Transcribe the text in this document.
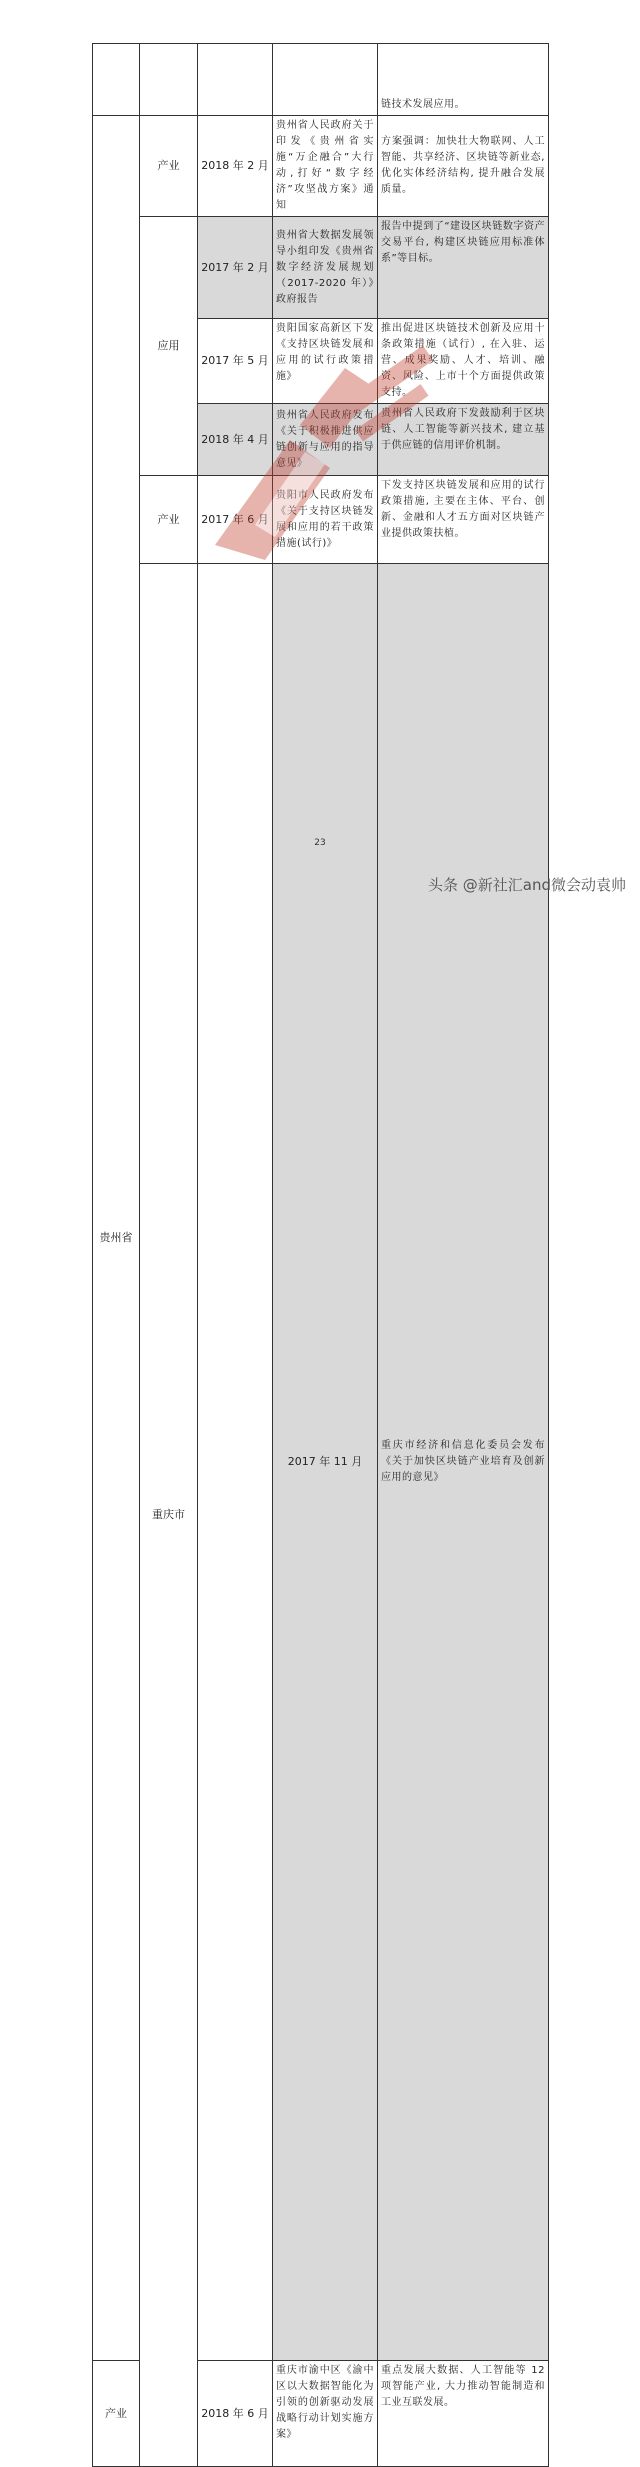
				链技术发展应用。	
贵州省	产业	2018 年 2 月	贵州省人民政府关于印发《贵州省实施“万企融合”大行动,打好“数字经济”攻坚战方案》通知	方案强调：加快壮大物联网、人工智能、共享经济、区块链等新业态, 优化实体经济结构, 提升融合发展质量。	
	应用	2017 年 2 月	贵州省大数据发展领导小组印发《贵州省数字经济发展规划（2017-2020 年）》政府报告	报告中提到了“建设区块链数字资产交易平台, 构建区块链应用标准体系”等目标。	
		2017 年 5 月	贵阳国家高新区下发《支持区块链发展和应用的试行政策措施》	推出促进区块链技术创新及应用十条政策措施（试行）, 在入驻、运营、成果奖励、人才、培训、融资、风险、上市十个方面提供政策支持。	
		2018 年 4 月	贵州省人民政府发布《关于积极推进供应链创新与应用的指导意见》	贵州省人民政府下发鼓励利于区块链、人工智能等新兴技术, 建立基于供应链的信用评价机制。	
	产业	2017 年 6 月	贵阳市人民政府发布《关于支持区块链发展和应用的若干政策措施(试行)》	下发支持区块链发展和应用的试行政策措施, 主要在主体、平台、创新、金融和人才五方面对区块链产业提供政策扶植。	
	重庆市		2017 年 11 月	重庆市经济和信息化委员会发布《关于加快区块链产业培育及创新应用的意见》	
产业		2018 年 6 月	重庆市渝中区《渝中区以大数据智能化为引领的创新驱动发展战略行动计划实施方案》	重点发展大数据、人工智能等 12 项智能产业, 大力推动智能制造和工业互联发展。	
23
头条 @新社汇and微会动袁帅
